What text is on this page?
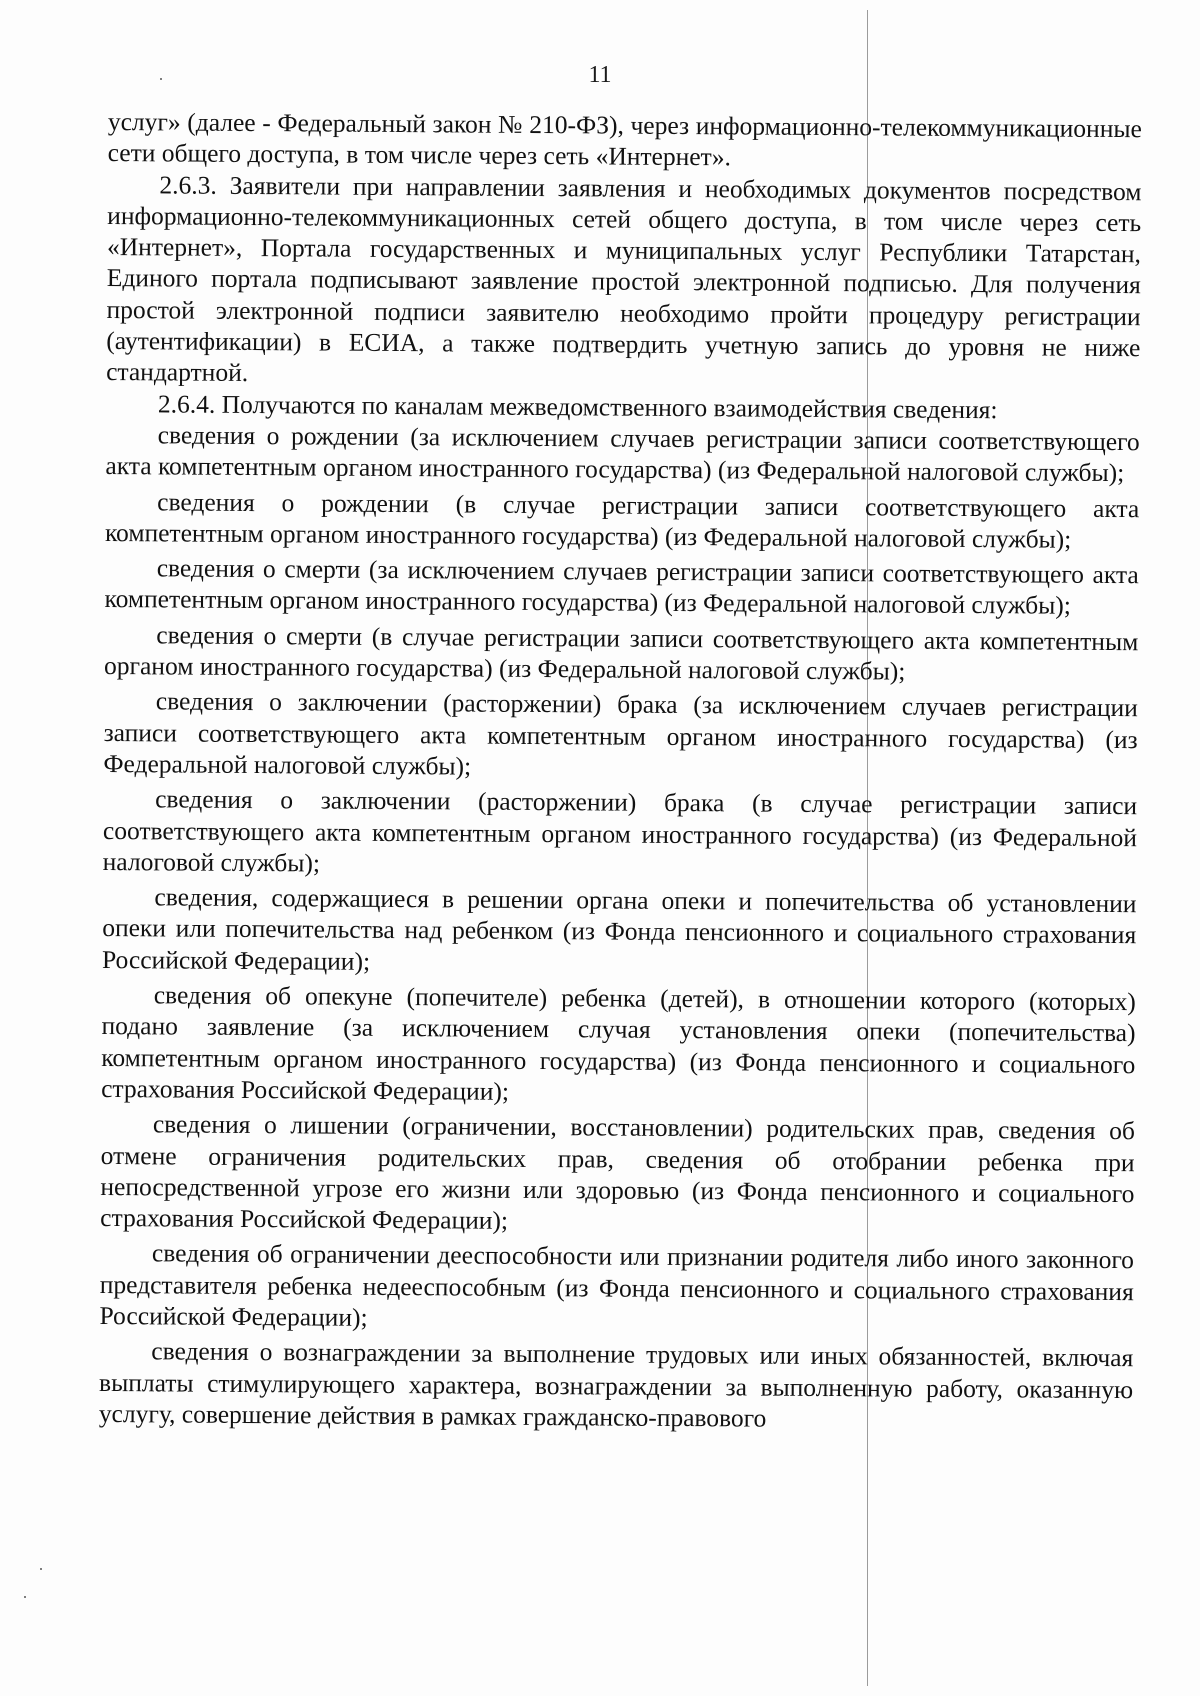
11

услуг» (далее - Федеральный закон № 210-ФЗ), через информационно-телекоммуникационные сети общего доступа, в том числе через сеть «Интернет».

2.6.3. Заявители при направлении заявления и необходимых документов посредством информационно-телекоммуникационных сетей общего доступа, в том числе через сеть «Интернет», Портала государственных и муниципальных услуг Республики Татарстан, Единого портала подписывают заявление простой электронной подписью. Для получения простой электронной подписи заявителю необходимо пройти процедуру регистрации (аутентификации) в ЕСИА, а также подтвердить учетную запись до уровня не ниже стандартной.

2.6.4. Получаются по каналам межведомственного взаимодействия сведения:

сведения о рождении (за исключением случаев регистрации записи соответствующего акта компетентным органом иностранного государства) (из Федеральной налоговой службы);

сведения о рождении (в случае регистрации записи соответствующего акта компетентным органом иностранного государства) (из Федеральной налоговой службы);

сведения о смерти (за исключением случаев регистрации записи соответствующего акта компетентным органом иностранного государства) (из Федеральной налоговой службы);

сведения о смерти (в случае регистрации записи соответствующего акта компетентным органом иностранного государства) (из Федеральной налоговой службы);

сведения о заключении (расторжении) брака (за исключением случаев регистрации записи соответствующего акта компетентным органом иностранного государства) (из Федеральной налоговой службы);

сведения о заключении (расторжении) брака (в случае регистрации записи соответствующего акта компетентным органом иностранного государства) (из Федеральной налоговой службы);

сведения, содержащиеся в решении органа опеки и попечительства об установлении опеки или попечительства над ребенком (из Фонда пенсионного и социального страхования Российской Федерации);

сведения об опекуне (попечителе) ребенка (детей), в отношении которого (которых) подано заявление (за исключением случая установления опеки (попечительства) компетентным органом иностранного государства) (из Фонда пенсионного и социального страхования Российской Федерации);

сведения о лишении (ограничении, восстановлении) родительских прав, сведения об отмене ограничения родительских прав, сведения об отобрании ребенка при непосредственной угрозе его жизни или здоровью (из Фонда пенсионного и социального страхования Российской Федерации);

сведения об ограничении дееспособности или признании родителя либо иного законного представителя ребенка недееспособным (из Фонда пенсионного и социального страхования Российской Федерации);

сведения о вознаграждении за выполнение трудовых или иных обязанностей, включая выплаты стимулирующего характера, вознаграждении за выполненную работу, оказанную услугу, совершение действия в рамках гражданско-правового
